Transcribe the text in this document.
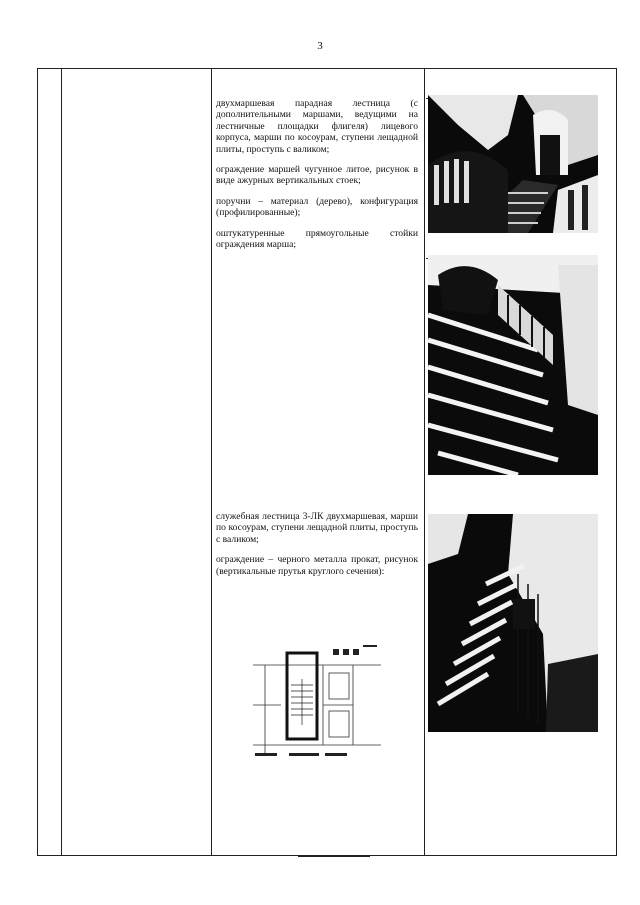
3

двухмаршевая парадная лестница (с дополнительными маршами, ведущими на лестничные площадки флигеля) лицевого корпуса, марши по косоурам, ступени лещадной плиты, проступь с валиком;

ограждение маршей чугунное литое, рисунок в виде ажурных вертикальных стоек;

поручни – материал (дерево), конфигурация (профилированные);

оштукатуренные прямоугольные стойки ограждения марша;

служебная лестница 3-ЛК двухмаршевая, марши по косоурам, ступени лещадной плиты, проступь с валиком;

ограждение – черного металла прокат, рисунок (вертикальные прутья круглого сечения):
